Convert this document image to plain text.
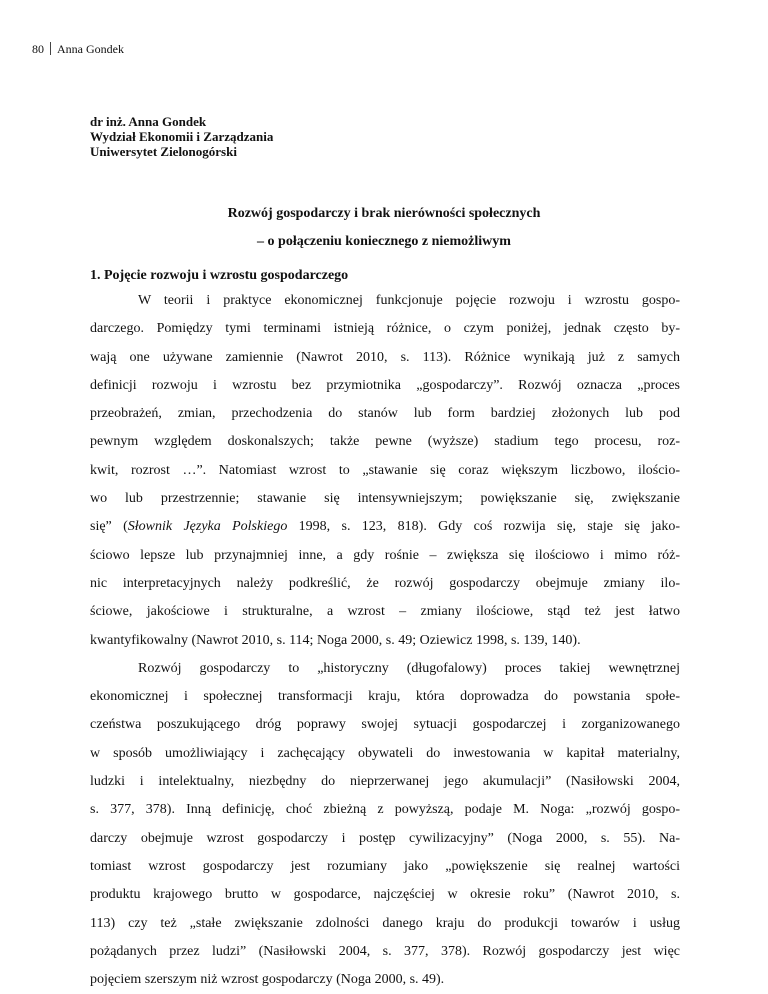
80 Anna Gondek
dr inż. Anna Gondek
Wydział Ekonomii i Zarządzania
Uniwersytet Zielonogórski
Rozwój gospodarczy i brak nierówności społecznych
– o połączeniu koniecznego z niemożliwym
1. Pojęcie rozwoju i wzrostu gospodarczego
W teorii i praktyce ekonomicznej funkcjonuje pojęcie rozwoju i wzrostu gospo-
darczego. Pomiędzy tymi terminami istnieją różnice, o czym poniżej, jednak często by-
wają one używane zamiennie (Nawrot 2010, s. 113). Różnice wynikają już z samych
definicji rozwoju i wzrostu bez przymiotnika „gospodarczy”. Rozwój oznacza „proces
przeobrażeń, zmian, przechodzenia do stanów lub form bardziej złożonych lub pod
pewnym względem doskonalszych; także pewne (wyższe) stadium tego procesu, roz-
kwit, rozrost …”. Natomiast wzrost to „stawanie się coraz większym liczbowo, ilościo-
wo lub przestrzennie; stawanie się intensywniejszym; powiększanie się, zwiększanie
się” (Słownik Języka Polskiego 1998, s. 123, 818). Gdy coś rozwija się, staje się jako-
ściowo lepsze lub przynajmniej inne, a gdy rośnie – zwiększa się ilościowo i mimo róż-
nic interpretacyjnych należy podkreślić, że rozwój gospodarczy obejmuje zmiany ilo-
ściowe, jakościowe i strukturalne, a wzrost – zmiany ilościowe, stąd też jest łatwo
kwantyfikowalny (Nawrot 2010, s. 114; Noga 2000, s. 49; Oziewicz 1998, s. 139, 140).
Rozwój gospodarczy to „historyczny (długofalowy) proces takiej wewnętrznej
ekonomicznej i społecznej transformacji kraju, która doprowadza do powstania społe-
czeństwa poszukującego dróg poprawy swojej sytuacji gospodarczej i zorganizowanego
w sposób umożliwiający i zachęcający obywateli do inwestowania w kapitał materialny,
ludzki i intelektualny, niezbędny do nieprzerwanej jego akumulacji” (Nasiłowski 2004,
s. 377, 378). Inną definicję, choć zbieżną z powyższą, podaje M. Noga: „rozwój gospo-
darczy obejmuje wzrost gospodarczy i postęp cywilizacyjny” (Noga 2000, s. 55). Na-
tomiast wzrost gospodarczy jest rozumiany jako „powiększenie się realnej wartości
produktu krajowego brutto w gospodarce, najczęściej w okresie roku” (Nawrot 2010, s.
113) czy też „stałe zwiększanie zdolności danego kraju do produkcji towarów i usług
pożądanych przez ludzi” (Nasiłowski 2004, s. 377, 378). Rozwój gospodarczy jest więc
pojęciem szerszym niż wzrost gospodarczy (Noga 2000, s. 49).
